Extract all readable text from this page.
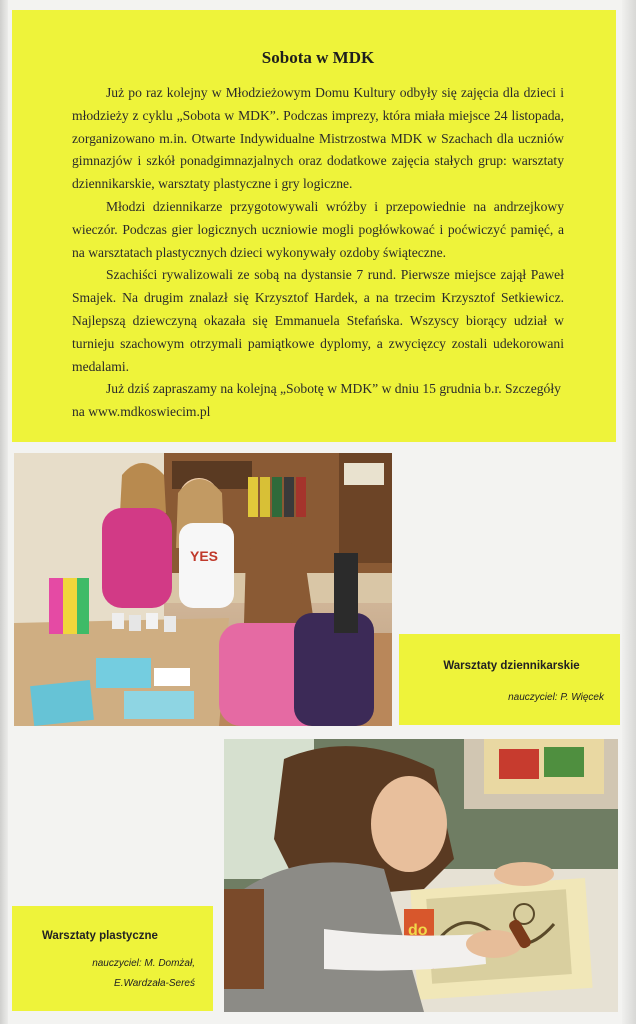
Sobota w MDK

Już po raz kolejny w Młodzieżowym Domu Kultury odbyły się zajęcia dla dzieci i młodzieży z cyklu „Sobota w MDK”. Podczas imprezy, która miała miejsce 24 listopada, zorganizowano m.in. Otwarte Indywidualne Mistrzostwa MDK w Szachach dla uczniów gimnazjów i szkół ponadgimnazjalnych oraz dodatkowe zajęcia stałych grup: warsztaty dziennikarskie, warsztaty plastyczne i gry logiczne.

Młodzi dziennikarze przygotowywali wróżby i przepowiednie na andrzejkowy wieczór. Podczas gier logicznych uczniowie mogli pogłówkować i poćwiczyć pamięć, a na warsztatach plastycznych dzieci wykonywały ozdoby świąteczne.

Szachiści rywalizowali ze sobą na dystansie 7 rund. Pierwsze miejsce zajął Paweł Smajek. Na drugim znalazł się Krzysztof Hardek, a na trzecim Krzysztof Setkiewicz. Najlepszą dziewczyną okazała się Emmanuela Stefańska. Wszyscy biorący udział w turnieju szachowym otrzymali pamiątkowe dyplomy, a zwycięzcy zostali udekorowani medalami.

Już dziś zapraszamy na kolejną „Sobotę w MDK” w dniu 15 grudnia b.r. Szczegóły na www.mdkoswiecim.pl

YES

Warsztaty dziennikarskie

nauczyciel: P. Więcek
do

Warsztaty plastyczne

nauczyciel: M. Domżał,
E.Wardzała-Sereś
